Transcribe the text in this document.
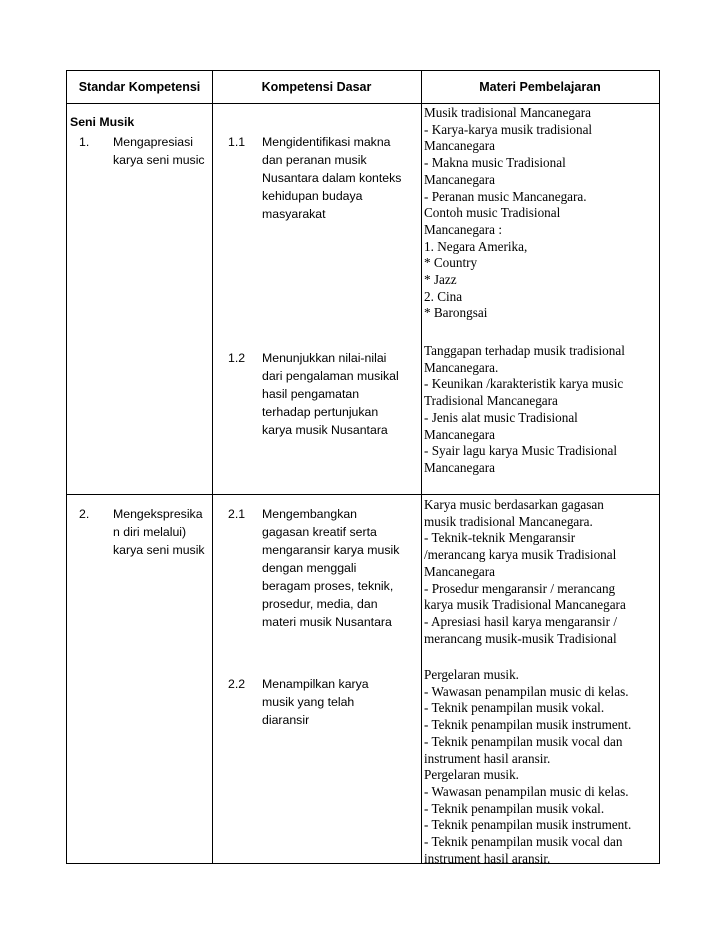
Standar Kompetensi	Kompetensi Dasar	Materi Pembelajaran
Seni Musik
1. Mengapresiasi
karya seni music
1.1 Mengidentifikasi makna
dan peranan musik
Nusantara dalam konteks
kehidupan budaya
masyarakat
Musik tradisional Mancanegara
- Karya-karya musik tradisional
Mancanegara
- Makna music Tradisional
Mancanegara
- Peranan music Mancanegara.
Contoh music Tradisional
Mancanegara :
1. Negara Amerika,
* Country
* Jazz
2. Cina
* Barongsai
1.2 Menunjukkan nilai-nilai
dari pengalaman musikal
hasil pengamatan
terhadap pertunjukan
karya musik Nusantara
Tanggapan terhadap musik tradisional
Mancanegara.
- Keunikan /karakteristik karya music
Tradisional Mancanegara
- Jenis alat music Tradisional
Mancanegara
- Syair lagu karya Music Tradisional
Mancanegara
2. Mengekspresika
n diri melalui)
karya seni musik
2.1 Mengembangkan
gagasan kreatif serta
mengaransir karya musik
dengan menggali
beragam proses, teknik,
prosedur, media, dan
materi musik Nusantara
Karya music berdasarkan gagasan
musik tradisional Mancanegara.
- Teknik-teknik Mengaransir
/merancang karya musik Tradisional
Mancanegara
- Prosedur mengaransir / merancang
karya musik Tradisional Mancanegara
- Apresiasi hasil karya mengaransir /
merancang musik-musik Tradisional
2.2 Menampilkan karya
musik yang telah
diaransir
Pergelaran musik.
- Wawasan penampilan music di kelas.
- Teknik penampilan musik vokal.
- Teknik penampilan musik instrument.
- Teknik penampilan musik vocal dan
instrument hasil aransir.
Pergelaran musik.
- Wawasan penampilan music di kelas.
- Teknik penampilan musik vokal.
- Teknik penampilan musik instrument.
- Teknik penampilan musik vocal dan
instrument hasil aransir.
